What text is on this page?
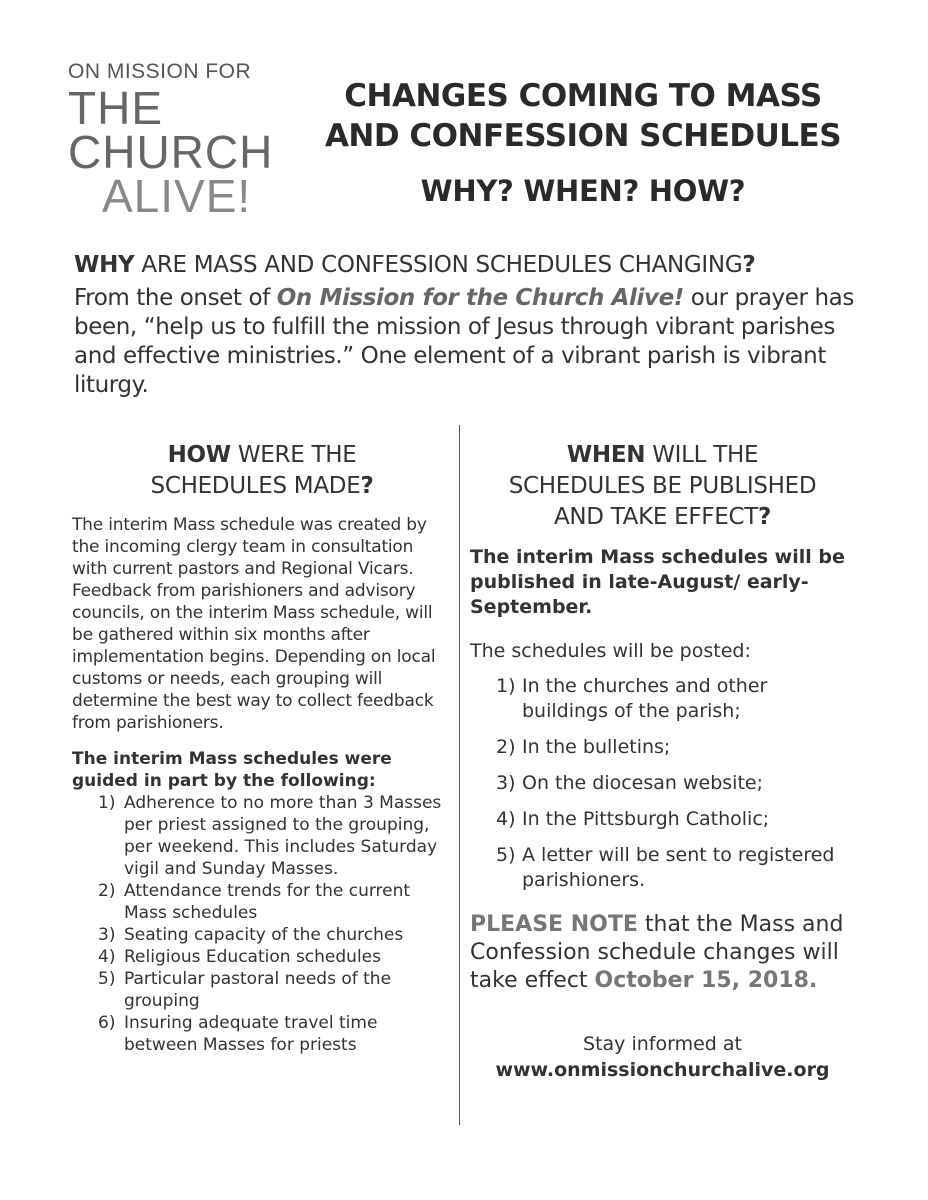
ON MISSION FOR
THE
CHURCH
ALIVE!
CHANGES COMING TO MASS
AND CONFESSION SCHEDULES
WHY? WHEN? HOW?
WHY ARE MASS AND CONFESSION SCHEDULES CHANGING?
From the onset of On Mission for the Church Alive! our prayer has been, “help us to fulfill the mission of Jesus through vibrant parishes and effective ministries.” One element of a vibrant parish is vibrant liturgy.
HOW WERE THE
SCHEDULES MADE?
The interim Mass schedule was created by the incoming clergy team in consultation with current pastors and Regional Vicars. Feedback from parishioners and advisory councils, on the interim Mass schedule, will be gathered within six months after implementation begins. Depending on local customs or needs, each grouping will determine the best way to collect feedback from parishioners.
The interim Mass schedules were guided in part by the following:
1) Adherence to no more than 3 Masses per priest assigned to the grouping, per weekend. This includes Saturday vigil and Sunday Masses.
2) Attendance trends for the current Mass schedules
3) Seating capacity of the churches
4) Religious Education schedules
5) Particular pastoral needs of the grouping
6) Insuring adequate travel time between Masses for priests
WHEN WILL THE
SCHEDULES BE PUBLISHED
AND TAKE EFFECT?
The interim Mass schedules will be published in late-August/ early-September.
The schedules will be posted:
1) In the churches and other buildings of the parish;
2) In the bulletins;
3) On the diocesan website;
4) In the Pittsburgh Catholic;
5) A letter will be sent to registered parishioners.
PLEASE NOTE that the Mass and Confession schedule changes will take effect October 15, 2018.
Stay informed at
www.onmissionchurchalive.org
